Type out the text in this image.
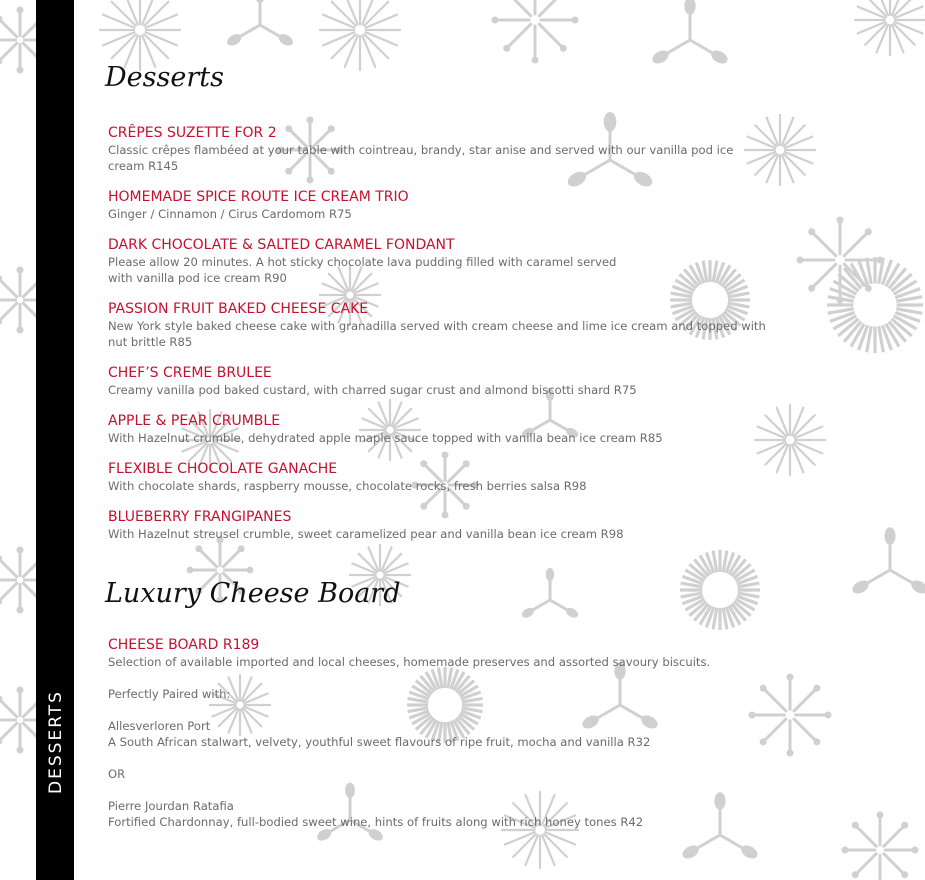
DESSERTS
Desserts
CRÊPES SUZETTE FOR 2
Classic crêpes flambéed at your table with cointreau, brandy, star anise and served with our vanilla pod ice cream R145
HOMEMADE SPICE ROUTE ICE CREAM TRIO
Ginger / Cinnamon / Cirus Cardomom R75
DARK CHOCOLATE & SALTED CARAMEL FONDANT
Please allow 20 minutes. A hot sticky chocolate lava pudding filled with caramel served with vanilla pod ice cream R90
PASSION FRUIT BAKED CHEESE CAKE
New York style baked cheese cake with granadilla served with cream cheese and lime ice cream and topped with nut brittle R85
CHEF’S CREME BRULEE
Creamy vanilla pod baked custard, with charred sugar crust and almond biscotti shard R75
APPLE & PEAR CRUMBLE
With Hazelnut crumble, dehydrated apple maple sauce topped with vanilla bean ice cream R85
FLEXIBLE CHOCOLATE GANACHE
With chocolate shards, raspberry mousse, chocolate rocks, fresh berries salsa R98
BLUEBERRY FRANGIPANES
With Hazelnut streusel crumble, sweet caramelized pear and vanilla bean ice cream R98
Luxury Cheese Board
CHEESE BOARD R189
Selection of available imported and local cheeses, homemade preserves and assorted savoury biscuits.
Perfectly Paired with:
Allesverloren Port
A South African stalwart, velvety, youthful sweet flavours of ripe fruit, mocha and vanilla R32
OR
Pierre Jourdan Ratafia
Fortified Chardonnay, full-bodied sweet wine, hints of fruits along with rich honey tones R42
